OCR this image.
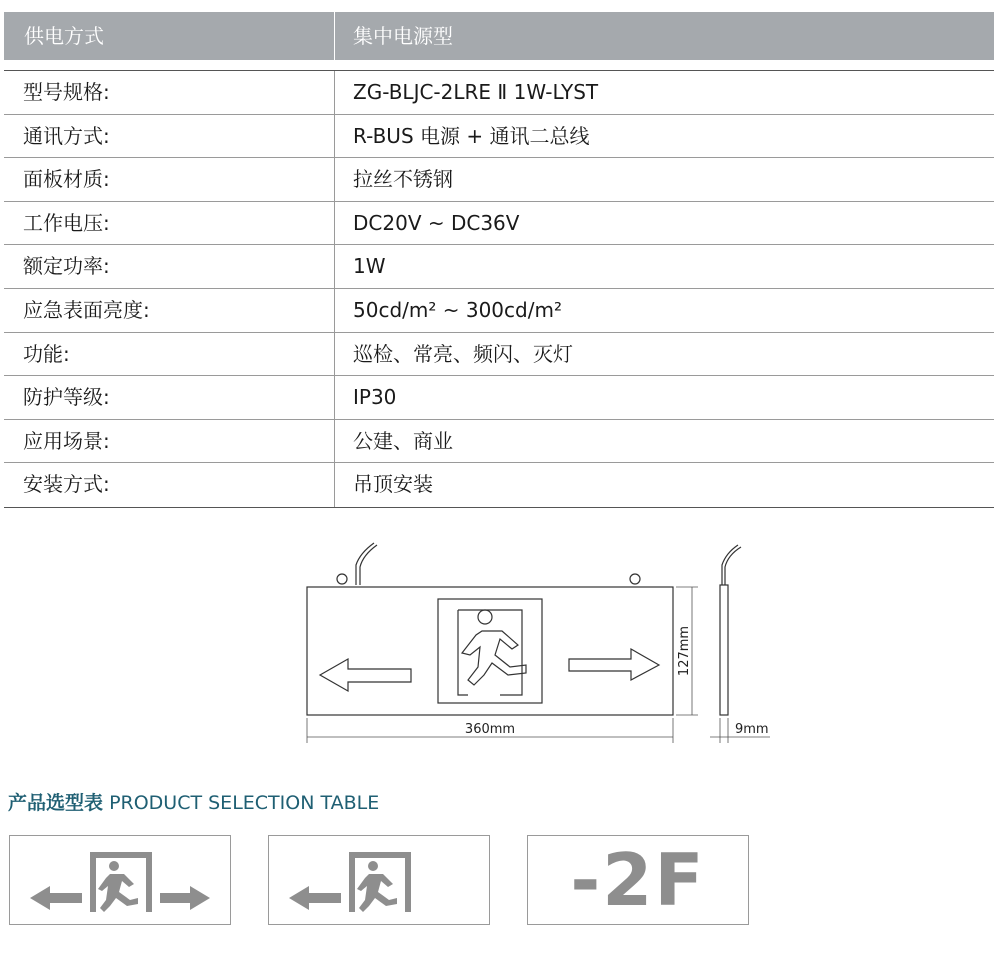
供电方式	集中电源型
型号规格:	ZG-BLJC-2LRE Ⅱ 1W-LYST
通讯方式:	R-BUS 电源 + 通讯二总线
面板材质:	拉丝不锈钢
工作电压:	DC20V ~ DC36V
额定功率:	1W
应急表面亮度:	50cd/m² ~ 300cd/m²
功能:	巡检、常亮、频闪、灭灯
防护等级:	IP30
应用场景:	公建、商业
安装方式:	吊顶安装
360mm
127mm
9mm
产品选型表 PRODUCT SELECTION TABLE
-2F
